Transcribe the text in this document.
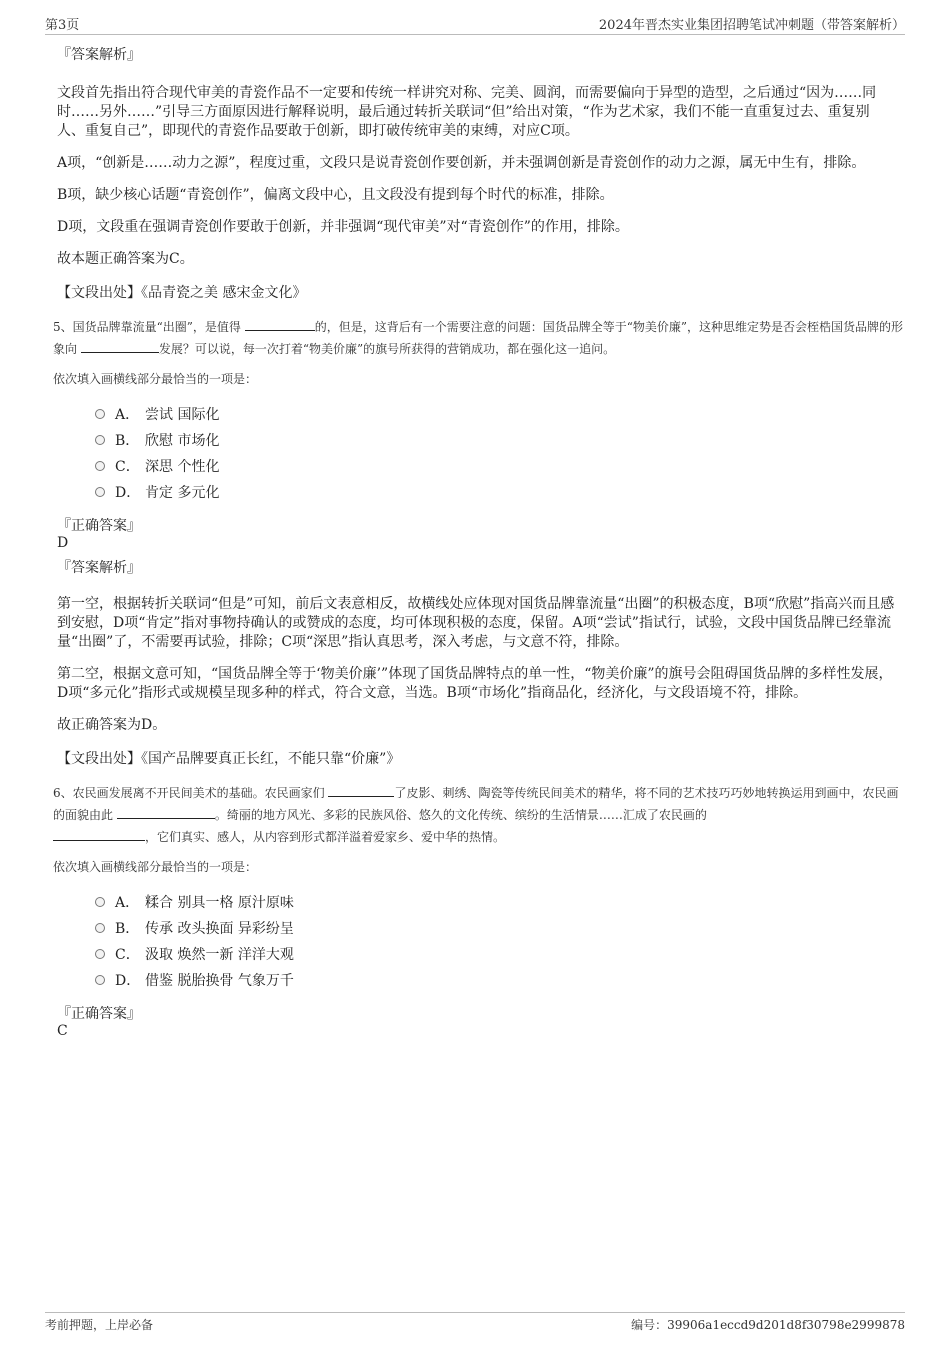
第3页	2024年晋杰实业集团招聘笔试冲刺题（带答案解析）
『答案解析』

文段首先指出符合现代审美的青瓷作品不一定要和传统一样讲究对称、完美、圆润，而需要偏向于异型的造型，之后通过“因为……同时……另外……”引导三方面原因进行解释说明，最后通过转折关联词“但”给出对策，“作为艺术家，我们不能一直重复过去、重复别人、重复自己”，即现代的青瓷作品要敢于创新，即打破传统审美的束缚，对应C项。

A项，“创新是……动力之源”，程度过重，文段只是说青瓷创作要创新，并未强调创新是青瓷创作的动力之源，属无中生有，排除。

B项，缺少核心话题“青瓷创作”，偏离文段中心，且文段没有提到每个时代的标准，排除。

D项，文段重在强调青瓷创作要敢于创新，并非强调“现代审美”对“青瓷创作”的作用，排除。

故本题正确答案为C。

【文段出处】《品青瓷之美 感宋金文化》

5、国货品牌靠流量“出圈”，是值得	的，但是，这背后有一个需要注意的问题：国货品牌全等于“物美价廉”，这种思维定势是否会桎梏国货品牌的形象向	发展？可以说，每一次打着“物美价廉”的旗号所获得的营销成功，都在强化这一追问。

依次填入画横线部分最恰当的一项是：
A． 尝试 国际化
B． 欣慰 市场化
C． 深思 个性化
D． 肯定 多元化
『正确答案』
D
『答案解析』

第一空，根据转折关联词“但是”可知，前后文表意相反，故横线处应体现对国货品牌靠流量“出圈”的积极态度，B项“欣慰”指高兴而且感到安慰，D项“肯定”指对事物持确认的或赞成的态度，均可体现积极的态度，保留。A项“尝试”指试行，试验，文段中国货品牌已经靠流量“出圈”了，不需要再试验，排除；C项“深思”指认真思考，深入考虑，与文意不符，排除。

第二空，根据文意可知，“国货品牌全等于‘物美价廉’”体现了国货品牌特点的单一性，“物美价廉”的旗号会阻碍国货品牌的多样性发展，D项“多元化”指形式或规模呈现多种的样式，符合文意，当选。B项“市场化”指商品化，经济化，与文段语境不符，排除。

故正确答案为D。

【文段出处】《国产品牌要真正长红，不能只靠“价廉”》

6、农民画发展离不开民间美术的基础。农民画家们	了皮影、刺绣、陶瓷等传统民间美术的精华，将不同的艺术技巧巧妙地转换运用到画中，农民画的面貌由此	。绮丽的地方风光、多彩的民族风俗、悠久的文化传统、缤纷的生活情景……汇成了农民画的
，它们真实、感人，从内容到形式都洋溢着爱家乡、爱中华的热情。

依次填入画横线部分最恰当的一项是：
A． 糅合 别具一格 原汁原味
B． 传承 改头换面 异彩纷呈
C． 汲取 焕然一新 洋洋大观
D． 借鉴 脱胎换骨 气象万千
『正确答案』
C
考前押题，上岸必备	编号：39906a1eccd9d201d8f30798e2999878
